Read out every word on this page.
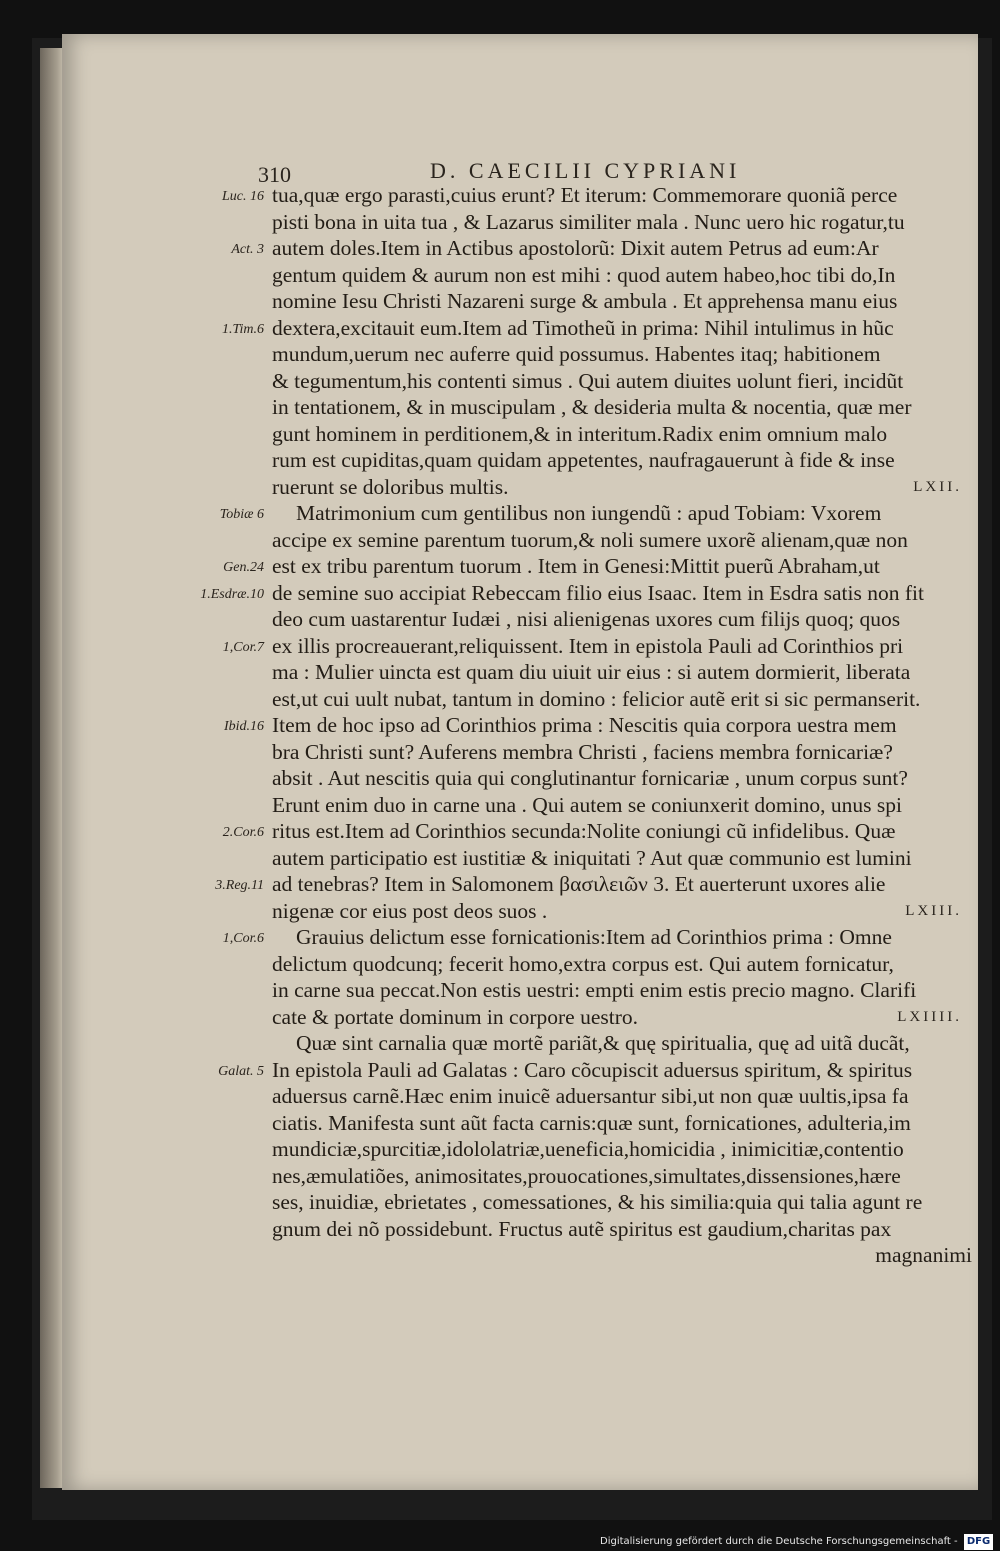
310	D. CAECILII CYPRIANI
Luc. 16
Act. 3
1.Tim.6
Tobiæ 6
Gen.24
1.Esdræ.10
1,Cor.7
Ibid.16
2.Cor.6
3.Reg.11
1,Cor.6
Galat. 5
tua,quæ ergo parasti,cuius erunt? Et iterum: Commemorare quoniã perce
pisti bona in uita tua , & Lazarus similiter mala . Nunc uero hic rogatur,tu
autem doles.Item in Actibus apostolorũ: Dixit autem Petrus ad eum:Ar
gentum quidem & aurum non est mihi : quod autem habeo,hoc tibi do,In
nomine Iesu Christi Nazareni surge & ambula . Et apprehensa manu eius
dextera,excitauit eum.Item ad Timotheũ in prima: Nihil intulimus in hũc
mundum,uerum nec auferre quid possumus. Habentes itaq; habitionem
& tegumentum,his contenti simus . Qui autem diuites uolunt fieri, incidũt
in tentationem, & in muscipulam , & desideria multa & nocentia, quæ mer
gunt hominem in perditionem,& in interitum.Radix enim omnium malo
rum est cupiditas,quam quidam appetentes, naufragauerunt à fide & inse
ruerunt se doloribus multis.	LXII.
Matrimonium cum gentilibus non iungendũ : apud Tobiam: Vxorem
accipe ex semine parentum tuorum,& noli sumere uxorẽ alienam,quæ non
est ex tribu parentum tuorum . Item in Genesi:Mittit puerũ Abraham,ut
de semine suo accipiat Rebeccam filio eius Isaac. Item in Esdra satis non fit
deo cum uastarentur Iudæi , nisi alienigenas uxores cum filijs quoq; quos
ex illis procreauerant,reliquissent. Item in epistola Pauli ad Corinthios pri
ma : Mulier uincta est quam diu uiuit uir eius : si autem dormierit, liberata
est,ut cui uult nubat, tantum in domino : felicior autẽ erit si sic permanserit.
Item de hoc ipso ad Corinthios prima : Nescitis quia corpora uestra mem
bra Christi sunt? Auferens membra Christi , faciens membra fornicariæ?
absit . Aut nescitis quia qui conglutinantur fornicariæ , unum corpus sunt?
Erunt enim duo in carne una . Qui autem se coniunxerit domino, unus spi
ritus est.Item ad Corinthios secunda:Nolite coniungi cũ infidelibus. Quæ
autem participatio est iustitiæ & iniquitati ? Aut quæ communio est lumini
ad tenebras? Item in Salomonem βασιλειῶν 3. Et auerterunt uxores alie
nigenæ cor eius post deos suos .	LXIII.
Grauius delictum esse fornicationis:Item ad Corinthios prima : Omne
delictum quodcunq; fecerit homo,extra corpus est. Qui autem fornicatur,
in carne sua peccat.Non estis uestri: empti enim estis precio magno. Clarifi
cate & portate dominum in corpore uestro.	LXIIII.
Quæ sint carnalia quæ mortẽ pariãt,& quę spiritualia, quę ad uitã ducãt,
In epistola Pauli ad Galatas : Caro cõcupiscit aduersus spiritum, & spiritus
aduersus carnẽ.Hæc enim inuicẽ aduersantur sibi,ut non quæ uultis,ipsa fa
ciatis. Manifesta sunt aũt facta carnis:quæ sunt, fornicationes, adulteria,im
mundiciæ,spurcitiæ,idololatriæ,ueneficia,homicidia , inimicitiæ,contentio
nes,æmulatiões, animositates,prouocationes,simultates,dissensiones,hære
ses, inuidiæ, ebrietates , comessationes, & his similia:quia qui talia agunt re
gnum dei nõ possidebunt. Fructus autẽ spiritus est gaudium,charitas pax
magnanimi
Digitalisierung gefördert durch die Deutsche Forschungsgemeinschaft - DFG
